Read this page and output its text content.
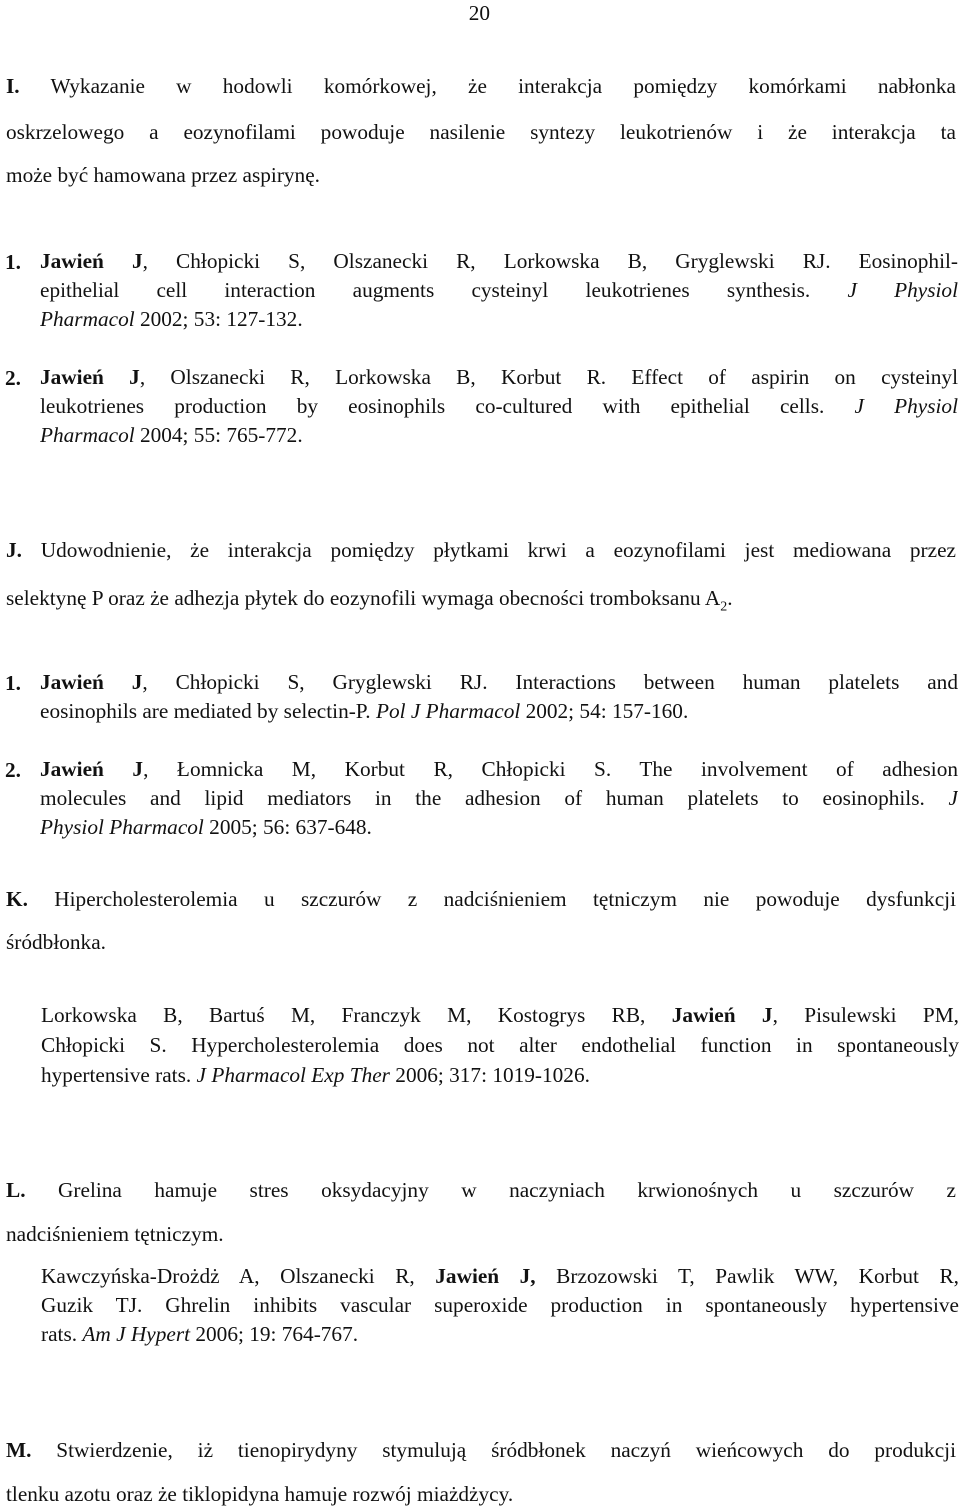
20
I. Wykazanie w hodowli komórkowej, że interakcja pomiędzy komórkami nabłonka
oskrzelowego a eozynofilami powoduje nasilenie syntezy leukotrienów i że interakcja ta
może być hamowana przez aspirynę.
1. Jawień J, Chłopicki S, Olszanecki R, Lorkowska B, Gryglewski RJ. Eosinophil-
epithelial cell interaction augments cysteinyl leukotrienes synthesis. J Physiol
Pharmacol 2002; 53: 127-132.
2. Jawień J, Olszanecki R, Lorkowska B, Korbut R. Effect of aspirin on cysteinyl
leukotrienes production by eosinophils co-cultured with epithelial cells. J Physiol
Pharmacol 2004; 55: 765-772.
J. Udowodnienie, że interakcja pomiędzy płytkami krwi a eozynofilami jest mediowana przez
selektynę P oraz że adhezja płytek do eozynofili wymaga obecności tromboksanu $A_2$.
1. Jawień J, Chłopicki S, Gryglewski RJ. Interactions between human platelets and
eosinophils are mediated by selectin-P. Pol J Pharmacol 2002; 54: 157-160.
2. Jawień J, Łomnicka M, Korbut R, Chłopicki S. The involvement of adhesion
molecules and lipid mediators in the adhesion of human platelets to eosinophils. J
Physiol Pharmacol 2005; 56: 637-648.
K. Hipercholesterolemia u szczurów z nadciśnieniem tętniczym nie powoduje dysfunkcji
śródbłonka.
Lorkowska B, Bartuś M, Franczyk M, Kostogrys RB, Jawień J, Pisulewski PM,
Chłopicki S. Hypercholesterolemia does not alter endothelial function in spontaneously
hypertensive rats. J Pharmacol Exp Ther 2006; 317: 1019-1026.
L. Grelina hamuje stres oksydacyjny w naczyniach krwionośnych u szczurów z
nadciśnieniem tętniczym.
Kawczyńska-Drożdż A, Olszanecki R, Jawień J, Brzozowski T, Pawlik WW, Korbut R,
Guzik TJ. Ghrelin inhibits vascular superoxide production in spontaneously hypertensive
rats. Am J Hypert 2006; 19: 764-767.
M. Stwierdzenie, iż tienopirydyny stymulują śródbłonek naczyń wieńcowych do produkcji
tlenku azotu oraz że tiklopidyna hamuje rozwój miażdżycy.
